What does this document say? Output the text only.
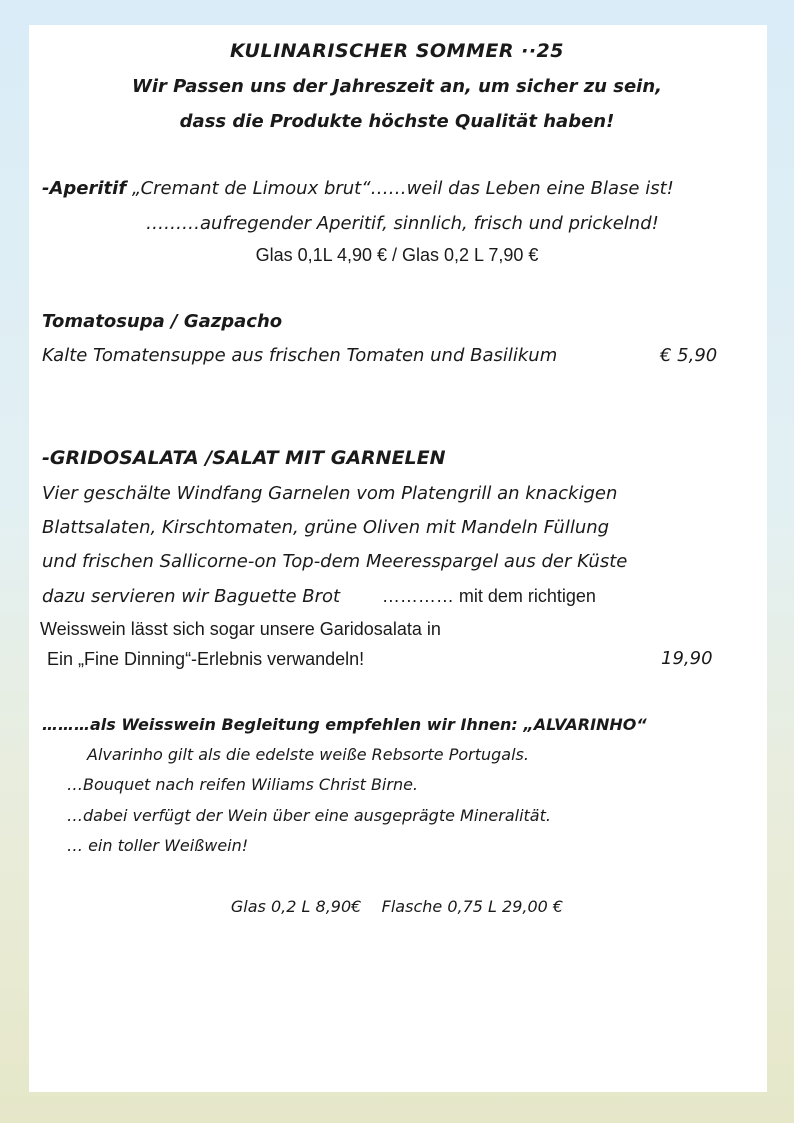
KULINARISCHER SOMMER ··25
Wir Passen uns der Jahreszeit an, um sicher zu sein,
dass die Produkte höchste Qualität haben!
-Aperitif „Cremant de Limoux brut“……weil das Leben eine Blase ist!
………aufregender Aperitif, sinnlich, frisch und prickelnd!
Glas 0,1L 4,90 € / Glas 0,2 L 7,90 €
Tomatosupa / Gazpacho
Kalte Tomatensuppe aus frischen Tomaten und Basilikum	€ 5,90
-GRIDOSALATA /SALAT MIT GARNELEN
Vier geschälte Windfang Garnelen vom Platengrill an knackigen
Blattsalaten, Kirschtomaten, grüne Oliven mit Mandeln Füllung
und frischen Sallicorne-on Top-dem Meeresspargel aus der Küste
dazu servieren wir Baguette Brot ………… mit dem richtigen
Weisswein lässt sich sogar unsere Garidosalata in
Ein „Fine Dinning“-Erlebnis verwandeln!	19,90
………als Weisswein Begleitung empfehlen wir Ihnen: „ALVARINHO“
Alvarinho gilt als die edelste weiße Rebsorte Portugals.
…Bouquet nach reifen Wiliams Christ Birne.
…dabei verfügt der Wein über eine ausgeprägte Mineralität.
… ein toller Weißwein!
Glas 0,2 L 8,90€    Flasche 0,75 L 29,00 €
